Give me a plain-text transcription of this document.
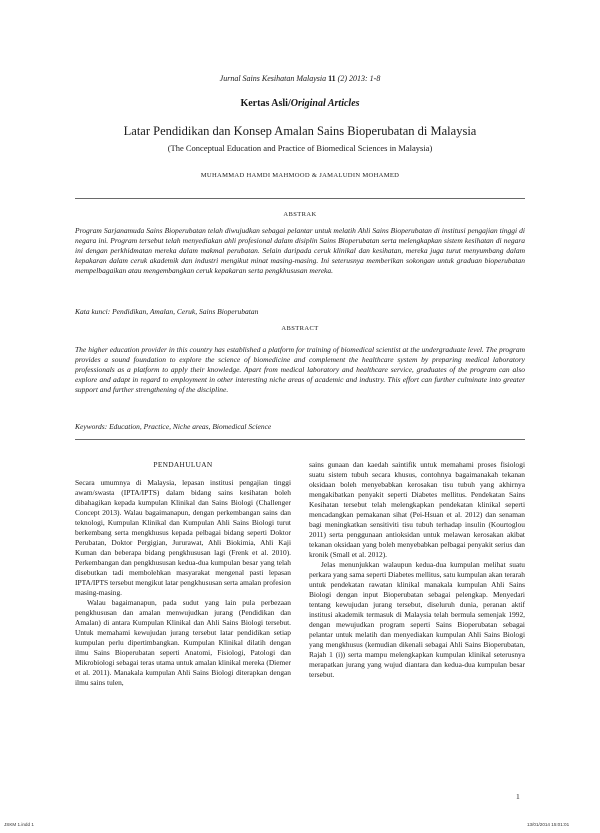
Jurnal Sains Kesihatan Malaysia 11 (2) 2013: 1-8
Kertas Asli/Original Articles
Latar Pendidikan dan Konsep Amalan Sains Bioperubatan di Malaysia
(The Conceptual Education and Practice of Biomedical Sciences in Malaysia)
MUHAMMAD HAMDI MAHMOOD & JAMALUDIN MOHAMED
ABSTRAK
Program Sarjanamuda Sains Bioperubatan telah diwujudkan sebagai pelantar untuk melatih Ahli Sains Bioperubatan di institusi pengajian tinggi di negara ini. Program tersebut telah menyediakan ahli profesional dalam disiplin Sains Bioperubatan serta melengkapkan sistem kesihatan di negara ini dengan perkhidmatan mereka dalam makmal perubatan. Selain daripada ceruk klinikal dan kesihatan, mereka juga turut menyumbang dalam kepakaran dalam ceruk akademik dan industri mengikut minat masing-masing. Ini seterusnya memberikan sokongan untuk graduan bioperubatan mempelbagaikan atau mengembangkan ceruk kepakaran serta pengkhususan mereka.
Kata kunci: Pendidikan, Amalan, Ceruk, Sains Bioperubatan
ABSTRACT
The higher education provider in this country has established a platform for training of biomedical scientist at the undergraduate level. The program provides a sound foundation to explore the science of biomedicine and complement the healthcare system by preparing medical laboratory professionals as a platform to apply their knowledge. Apart from medical laboratory and healthcare service, graduates of the program can also explore and adapt in regard to employment in other interesting niche areas of academic and industry. This effort can further culminate into greater support and further strengthening of the discipline.
Keywords: Education, Practice, Niche areas, Biomedical Science
PENDAHULUAN

Secara umumnya di Malaysia, lepasan institusi pengajian tinggi awam/swasta (IPTA/IPTS) dalam bidang sains kesihatan boleh dibahagikan kepada kumpulan Klinikal dan Sains Biologi (Challenger Concept 2013). Walau bagaimanapun, dengan perkembangan sains dan teknologi, Kumpulan Klinikal dan Kumpulan Ahli Sains Biologi turut berkembang serta mengkhusus kepada pelbagai bidang seperti Doktor Perubatan, Doktor Pergigian, Jururawat, Ahli Biokimia, Ahli Kaji Kuman dan beberapa bidang pengkhususan lagi (Frenk et al. 2010). Perkembangan dan pengkhususan kedua-dua kumpulan besar yang telah disebutkan tadi membolehkan masyarakat mengenal pasti lepasan IPTA/IPTS tersebut mengikut latar pengkhususan serta amalan profesion masing-masing.

Walau bagaimanapun, pada sudut yang lain pula perbezaan pengkhususan dan amalan menwujudkan jurang (Pendidikan dan Amalan) di antara Kumpulan Klinikal dan Ahli Sains Biologi tersebut. Untuk memahami kewujudan jurang tersebut latar pendidikan setiap kumpulan perlu dipertimbangkan. Kumpulan Klinikal dilatih dengan ilmu Sains Bioperubatan seperti Anatomi, Fisiologi, Patologi dan Mikrobiologi sebagai teras utama untuk amalan klinikal mereka (Diemer et al. 2011). Manakala kumpulan Ahli Sains Biologi diterapkan dengan ilmu sains tulen,

sains gunaan dan kaedah saintifik untuk memahami proses fisiologi suatu sistem tubuh secara khusus, contohnya bagaimanakah tekanan oksidaan boleh menyebabkan kerosakan tisu tubuh yang akhirnya mengakibatkan penyakit seperti Diabetes mellitus. Pendekatan Sains Kesihatan tersebut telah melengkapkan pendekatan klinikal seperti mencadangkan pemakanan sihat (Pei-Hsuan et al. 2012) dan senaman bagi meningkatkan sensitiviti tisu tubuh terhadap insulin (Kourtoglou 2011) serta penggunaan antioksidan untuk melawan kerosakan akibat tekanan oksidaan yang boleh menyebabkan pelbagai penyakit serius dan kronik (Small et al. 2012).

Jelas menunjukkan walaupun kedua-dua kumpulan melihat suatu perkara yang sama seperti Diabetes mellitus, satu kumpulan akan terarah untuk pendekatan rawatan klinikal manakala kumpulan Ahli Sains Biologi dengan input Bioperubatan sebagai pelengkap. Menyedari tentang kewujudan jurang tersebut, diseluruh dunia, peranan aktif institusi akademik termasuk di Malaysia telah bermula semenjak 1992, dengan mewujudkan program seperti Sains Bioperubatan sebagai pelantar untuk melatih dan menyediakan kumpulan Ahli Sains Biologi yang mengkhusus (kemudian dikenali sebagai Ahli Sains Bioperubatan, Rajah 1 (i)) serta mampu melengkapkan kumpulan klinikal seterusnya merapatkan jurang yang wujud diantara dan kedua-dua kumpulan besar tersebut.

1
JSKM 1.indd 1	13/01/2014 15:01:01
